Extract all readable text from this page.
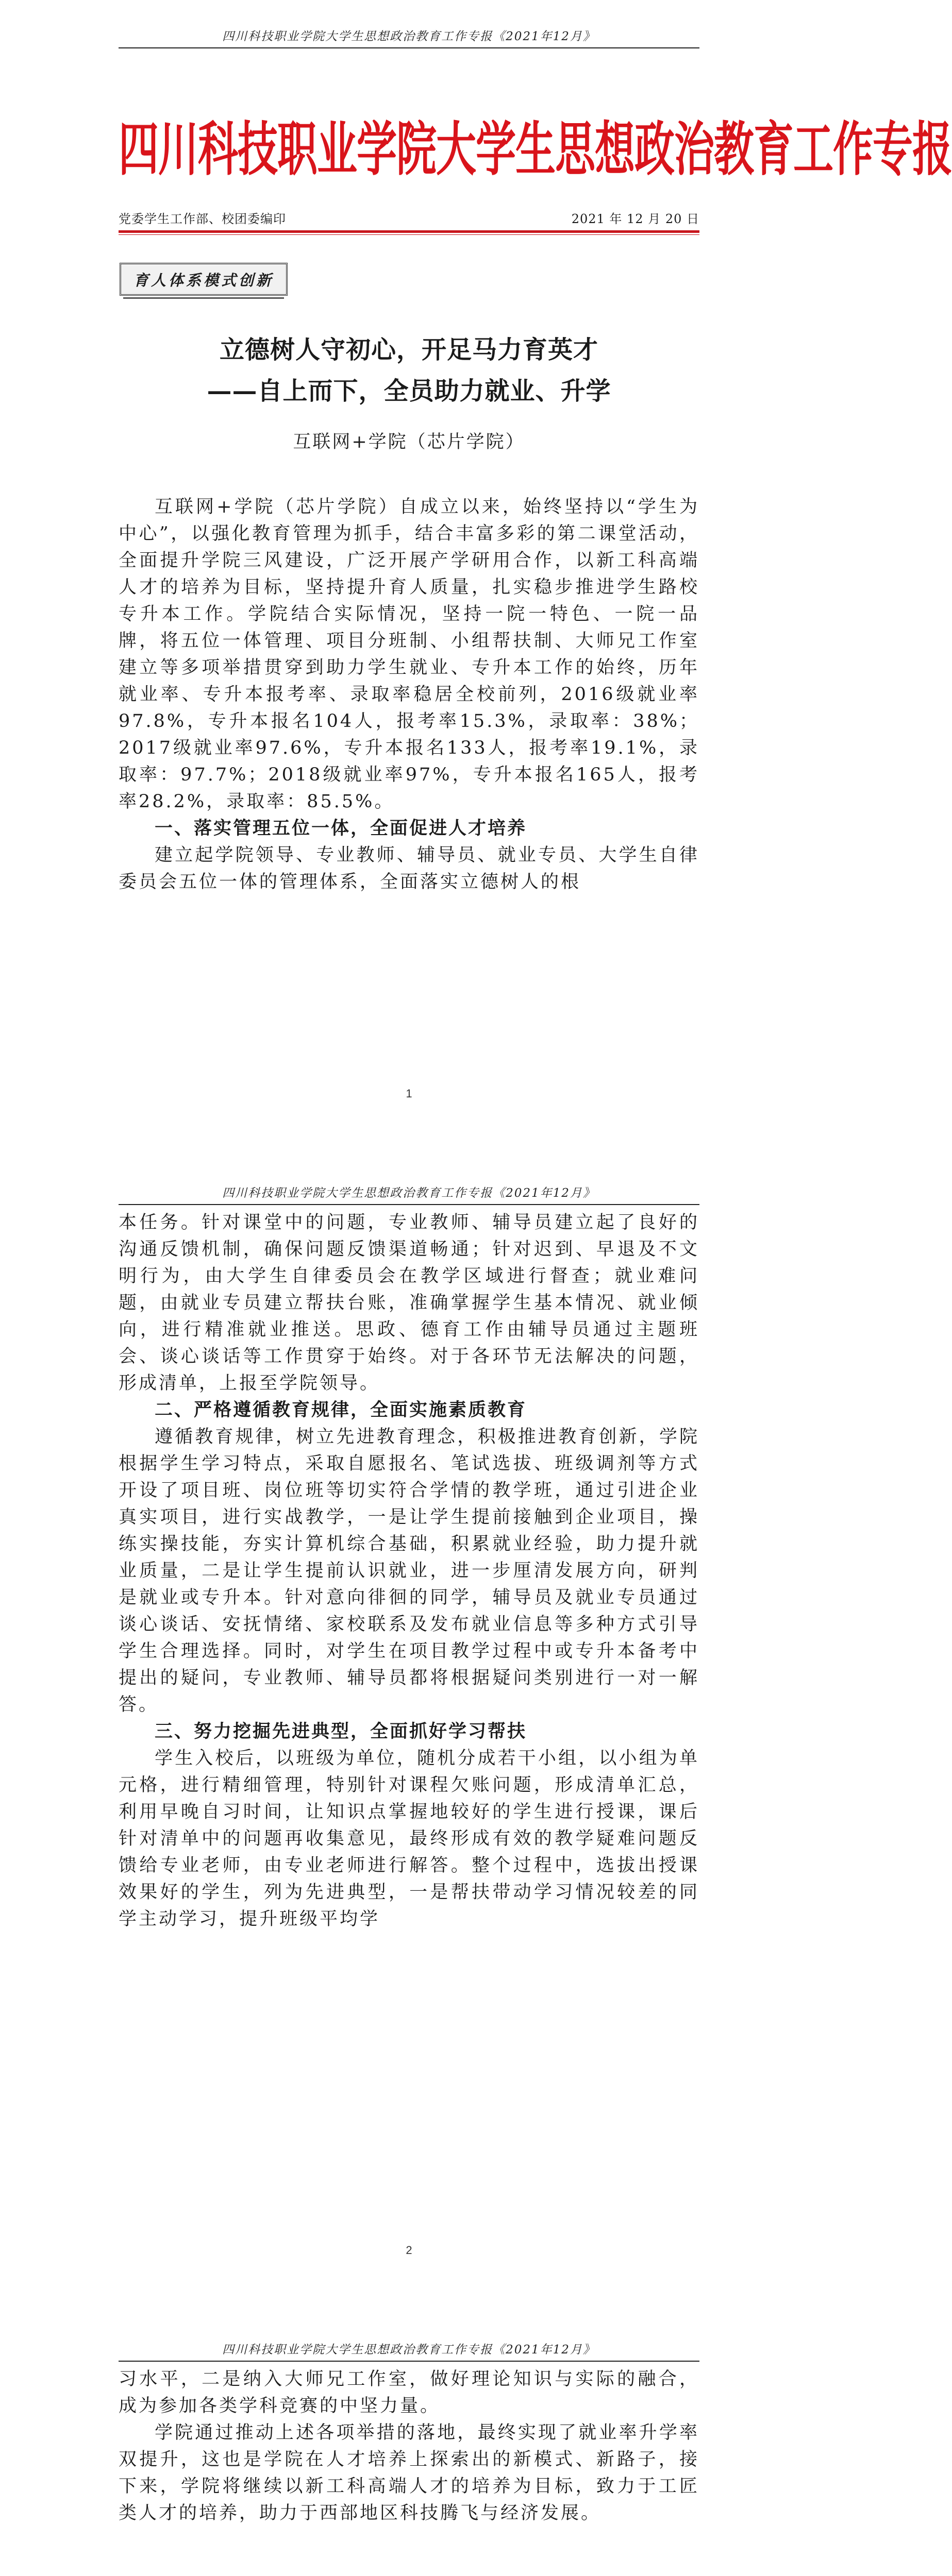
四川科技职业学院大学生思想政治教育工作专报《2021年12月》
四川科技职业学院大学生思想政治教育工作专报
党委学生工作部、校团委编印	2021 年 12 月 20 日
育人体系模式创新
立德树人守初心，开足马力育英才
——自上而下，全员助力就业、升学
互联网+学院（芯片学院）

互联网+学院（芯片学院）自成立以来，始终坚持以“学生为中心”，以强化教育管理为抓手，结合丰富多彩的第二课堂活动，全面提升学院三风建设，广泛开展产学研用合作，以新工科高端人才的培养为目标，坚持提升育人质量，扎实稳步推进学生路校专升本工作。学院结合实际情况，坚持一院一特色、一院一品牌，将五位一体管理、项目分班制、小组帮扶制、大师兄工作室建立等多项举措贯穿到助力学生就业、专升本工作的始终，历年就业率、专升本报考率、录取率稳居全校前列，2016级就业率97.8%，专升本报名104人，报考率15.3%，录取率：38%；2017级就业率97.6%，专升本报名133人，报考率19.1%，录取率：97.7%；2018级就业率97%，专升本报名165人，报考率28.2%，录取率：85.5%。

一、落实管理五位一体，全面促进人才培养

建立起学院领导、专业教师、辅导员、就业专员、大学生自律委员会五位一体的管理体系，全面落实立德树人的根

1
四川科技职业学院大学生思想政治教育工作专报《2021年12月》

本任务。针对课堂中的问题，专业教师、辅导员建立起了良好的沟通反馈机制，确保问题反馈渠道畅通；针对迟到、早退及不文明行为，由大学生自律委员会在教学区域进行督查；就业难问题，由就业专员建立帮扶台账，准确掌握学生基本情况、就业倾向，进行精准就业推送。思政、德育工作由辅导员通过主题班会、谈心谈话等工作贯穿于始终。对于各环节无法解决的问题，形成清单，上报至学院领导。

二、严格遵循教育规律，全面实施素质教育

遵循教育规律，树立先进教育理念，积极推进教育创新，学院根据学生学习特点，采取自愿报名、笔试选拔、班级调剂等方式开设了项目班、岗位班等切实符合学情的教学班，通过引进企业真实项目，进行实战教学，一是让学生提前接触到企业项目，操练实操技能，夯实计算机综合基础，积累就业经验，助力提升就业质量，二是让学生提前认识就业，进一步厘清发展方向，研判是就业或专升本。针对意向徘徊的同学，辅导员及就业专员通过谈心谈话、安抚情绪、家校联系及发布就业信息等多种方式引导学生合理选择。同时，对学生在项目教学过程中或专升本备考中提出的疑问，专业教师、辅导员都将根据疑问类别进行一对一解答。

三、努力挖掘先进典型，全面抓好学习帮扶

学生入校后，以班级为单位，随机分成若干小组，以小组为单元格，进行精细管理，特别针对课程欠账问题，形成清单汇总，利用早晚自习时间，让知识点掌握地较好的学生进行授课，课后针对清单中的问题再收集意见，最终形成有效的教学疑难问题反馈给专业老师，由专业老师进行解答。整个过程中，选拔出授课效果好的学生，列为先进典型，一是帮扶带动学习情况较差的同学主动学习，提升班级平均学

2
四川科技职业学院大学生思想政治教育工作专报《2021年12月》

习水平，二是纳入大师兄工作室，做好理论知识与实际的融合，成为参加各类学科竞赛的中坚力量。

学院通过推动上述各项举措的落地，最终实现了就业率升学率双提升，这也是学院在人才培养上探索出的新模式、新路子，接下来，学院将继续以新工科高端人才的培养为目标，致力于工匠类人才的培养，助力于西部地区科技腾飞与经济发展。
